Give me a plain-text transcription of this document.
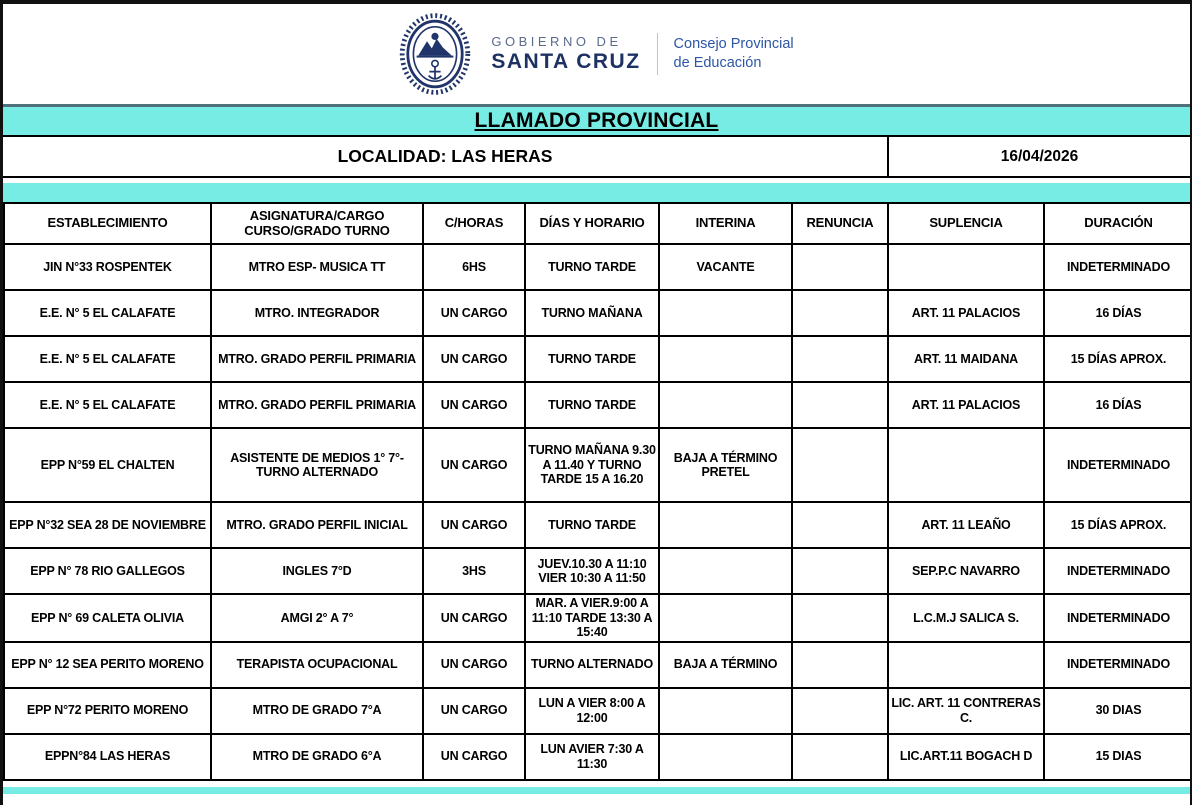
GOBIERNO DE
SANTA CRUZ
Consejo Provincial
de Educación
LLAMADO PROVINCIAL
LOCALIDAD: LAS HERAS	16/04/2026
ESTABLECIMIENTO	ASIGNATURA/CARGO CURSO/GRADO TURNO	C/HORAS	DÍAS Y HORARIO	INTERINA	RENUNCIA	SUPLENCIA	DURACIÓN
JIN N°33 ROSPENTEK	MTRO ESP- MUSICA TT	6HS	TURNO TARDE	VACANTE			INDETERMINADO
E.E. N° 5 EL CALAFATE	MTRO. INTEGRADOR	UN CARGO	TURNO MAÑANA			ART. 11 PALACIOS	16 DÍAS
E.E. N° 5 EL CALAFATE	MTRO. GRADO PERFIL PRIMARIA	UN CARGO	TURNO TARDE			ART. 11 MAIDANA	15 DÍAS APROX.
E.E. N° 5 EL CALAFATE	MTRO. GRADO PERFIL PRIMARIA	UN CARGO	TURNO TARDE			ART. 11 PALACIOS	16 DÍAS
EPP N°59 EL CHALTEN	ASISTENTE DE MEDIOS 1° 7°-TURNO ALTERNADO	UN CARGO	TURNO MAÑANA 9.30 A 11.40 Y TURNO TARDE 15 A 16.20	BAJA A TÉRMINO PRETEL			INDETERMINADO
EPP N°32 SEA 28 DE NOVIEMBRE	MTRO. GRADO PERFIL INICIAL	UN CARGO	TURNO TARDE			ART. 11 LEAÑO	15 DÍAS APROX.
EPP N° 78 RIO GALLEGOS	INGLES 7°D	3HS	JUEV.10.30 A 11:10 VIER 10:30 A 11:50			SEP.P.C NAVARRO	INDETERMINADO
EPP N° 69 CALETA OLIVIA	AMGI 2° A 7°	UN CARGO	MAR. A VIER.9:00 A 11:10 TARDE 13:30 A 15:40			L.C.M.J SALICA S.	INDETERMINADO
EPP N° 12 SEA PERITO MORENO	TERAPISTA OCUPACIONAL	UN CARGO	TURNO ALTERNADO	BAJA A TÉRMINO			INDETERMINADO
EPP N°72 PERITO MORENO	MTRO DE GRADO 7°A	UN CARGO	LUN A VIER 8:00 A 12:00			LIC. ART. 11 CONTRERAS C.	30 DIAS
EPPN°84 LAS HERAS	MTRO DE GRADO 6°A	UN CARGO	LUN AVIER 7:30 A 11:30			LIC.ART.11 BOGACH D	15 DIAS
